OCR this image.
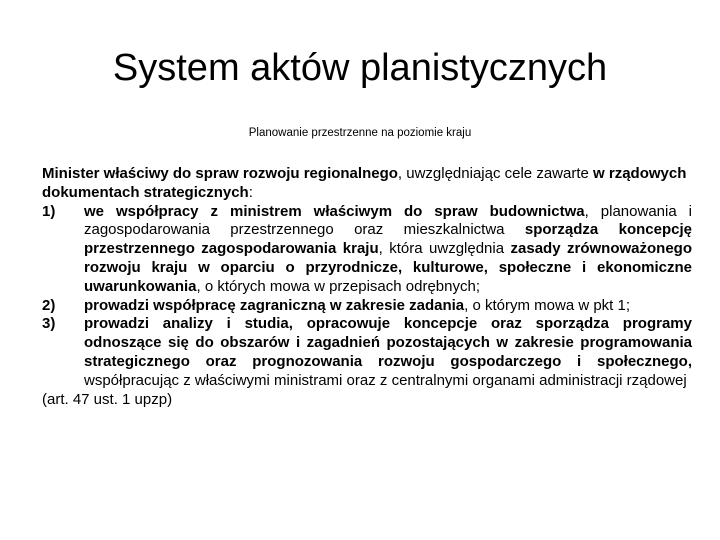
System aktów planistycznych
Planowanie przestrzenne na poziomie kraju

Minister właściwy do spraw rozwoju regionalnego, uwzględniając cele zawarte w rządowych dokumentach strategicznych:

1)	we współpracy z ministrem właściwym do spraw budownictwa, planowania i zagospodarowania przestrzennego oraz mieszkalnictwa sporządza koncepcję przestrzennego zagospodarowania kraju, która uwzględnia zasady zrównoważonego rozwoju kraju w oparciu o przyrodnicze, kulturowe, społeczne i ekonomiczne uwarunkowania, o których mowa w przepisach odrębnych;
2)	prowadzi współpracę zagraniczną w zakresie zadania, o którym mowa w pkt 1;
3)	prowadzi analizy i studia, opracowuje koncepcje oraz sporządza programy odnoszące się do obszarów i zagadnień pozostających w zakresie programowania strategicznego oraz prognozowania rozwoju gospodarczego i społecznego, współpracując z właściwymi ministrami oraz z centralnymi organami administracji rządowej

(art. 47 ust. 1 upzp)
